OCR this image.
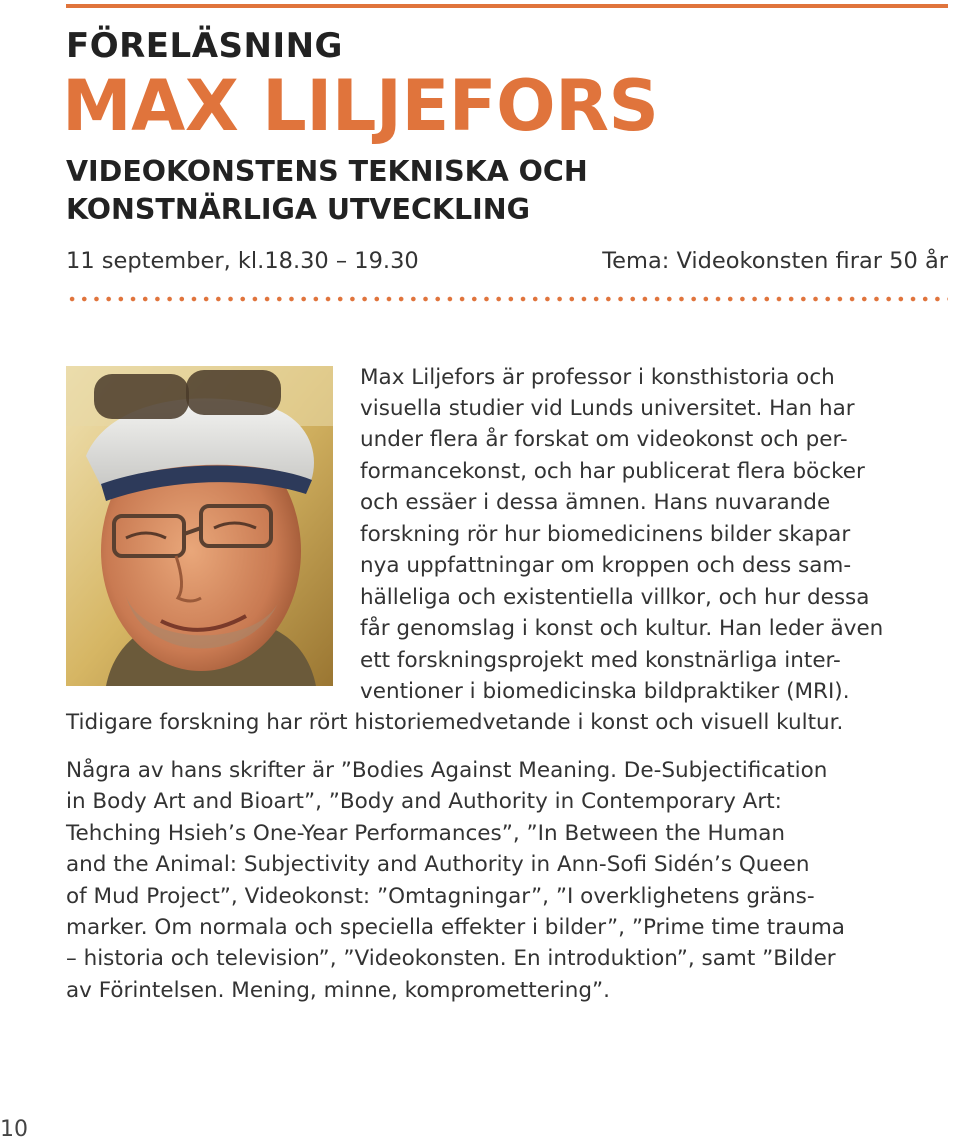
FÖRELÄSNING
MAX LILJEFORS
VIDEOKONSTENS TEKNISKA OCH
KONSTNÄRLIGA UTVECKLING
11 september, kl.18.30 – 19.30	Tema: Videokonsten firar 50 år
Max Liljefors är professor i konsthistoria och
visuella studier vid Lunds universitet. Han har
under flera år forskat om videokonst och per-
formancekonst, och har publicerat flera böcker
och essäer i dessa ämnen. Hans nuvarande
forskning rör hur biomedicinens bilder skapar
nya uppfattningar om kroppen och dess sam-
hälleliga och existentiella villkor, och hur dessa
får genomslag i konst och kultur. Han leder även
ett forskningsprojekt med konstnärliga inter-
ventioner i biomedicinska bildpraktiker (MRI).
Tidigare forskning har rört historiemedvetande i konst och visuell kultur.
Några av hans skrifter är ”Bodies Against Meaning. De-Subjectification
in Body Art and Bioart”, ”Body and Authority in Contemporary Art:
Tehching Hsieh’s One-Year Performances”, ”In Between the Human
and the Animal: Subjectivity and Authority in Ann-Sofi Sidén’s Queen
of Mud Project”, Videokonst: ”Omtagningar”, ”I overklighetens gräns-
marker. Om normala och speciella effekter i bilder”, ”Prime time trauma
– historia och television”, ”Videokonsten. En introduktion”, samt ”Bilder
av Förintelsen. Mening, minne, kompromettering”.
10
